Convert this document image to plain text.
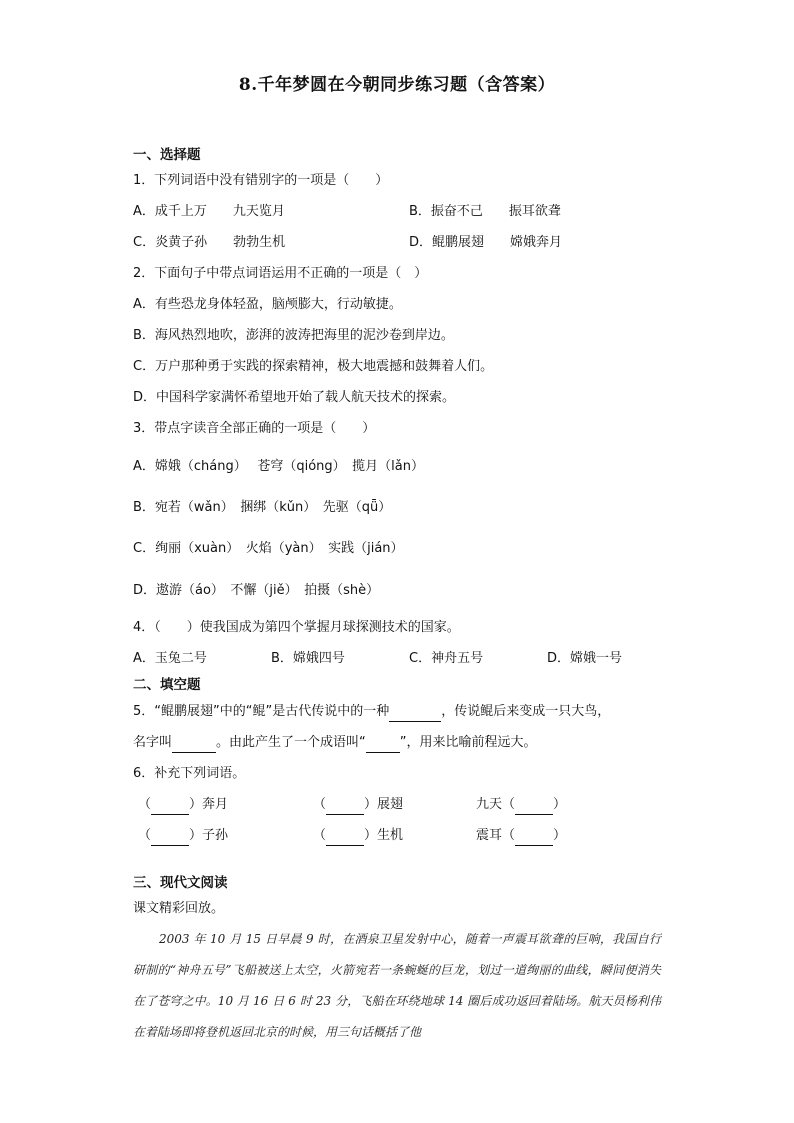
8.千年梦圆在今朝同步练习题（含答案）
一、选择题
1．下列词语中没有错别字的一项是（　　）
A．成千上万　　九天览月	B．振奋不己　　振耳欲聋
C．炎黄子孙　　勃勃生机	D．鲲鹏展翅　　嫦娥奔月
2．下面句子中带点词语运用不正确的一项是（　）
A．有些恐龙身体轻盈，脑颅膨大，行动敏捷。
B．海风热烈地吹，澎湃的波涛把海里的泥沙卷到岸边。
C．万户那种勇于实践的探索精神，极大地震撼和鼓舞着人们。
D．中国科学家满怀希望地开始了载人航天技术的探索。
3．带点字读音全部正确的一项是（　　）
A．嫦娥（cháng）　 苍穹（qióng）　揽月（lǎn）
B．宛若（wǎn）　捆绑（kǔn）　先驱（qǖ）
C．绚丽（xuàn）　火焰（yàn）　实践（jián）
D．遨游（áo）　不懈（jiě）　拍摄（shè）
4．（　　）使我国成为第四个掌握月球探测技术的国家。
A．玉兔二号	B．嫦娥四号	C．神舟五号	D．嫦娥一号
二、填空题
5．“鲲鹏展翅”中的“鲲”是古代传说中的一种	，传说鲲后来变成一只大鸟，
名字叫	。由此产生了一个成语叫“	”，用来比喻前程远大。
6．补充下列词语。
（	）奔月	（	）展翅	九天（	）
（	）子孙	（	）生机	震耳（	）
三、现代文阅读
课文精彩回放。

2003 年 10 月 15 日早晨 9 时，在酒泉卫星发射中心，随着一声震耳欲聋的巨响，我国自行研制的“神舟五号”飞船被送上太空，火箭宛若一条蜿蜒的巨龙，划过一道绚丽的曲线，瞬间便消失在了苍穹之中。10 月 16 日 6 时 23 分，飞船在环绕地球 14 圈后成功返回着陆场。航天员杨利伟在着陆场即将登机返回北京的时候，用三句话概括了他
